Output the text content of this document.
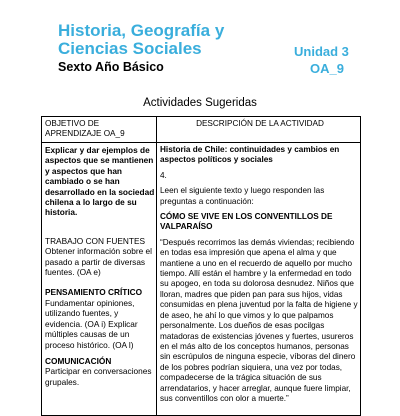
Historia, Geografía y Ciencias Sociales	Unidad 3
Sexto Año Básico	OA_9
Actividades Sugeridas
OBJETIVO DE APRENDIZAJE OA_9
DESCRIPCIÓN DE LA ACTIVIDAD
Explicar y dar ejemplos de aspectos que se mantienen y aspectos que han cambiado o se han desarrollado en la sociedad chilena a lo largo de su historia.
TRABAJO CON FUENTES
Obtener información sobre el pasado a partir de diversas fuentes. (OA e)
PENSAMIENTO CRÍTICO
Fundamentar opiniones, utilizando fuentes, y evidencia. (OA i) Explicar múltiples causas de un proceso histórico. (OA l)
COMUNICACIÓN
Participar en conversaciones grupales.

Historia de Chile: continuidades y cambios en aspectos políticos y sociales

4.

Leen el siguiente texto y luego responden las preguntas a continuación:

CÓMO SE VIVE EN LOS CONVENTILLOS DE VALPARAÍSO

“Después recorrimos las demás viviendas; recibiendo en todas esa impresión que apena el alma y que mantiene a uno en el recuerdo de aquello por mucho tiempo. Allí están el hambre y la enfermedad en todo su apogeo, en toda su dolorosa desnudez. Niños que lloran, madres que piden pan para sus hijos, vidas consumidas en plena juventud por la falta de higiene y de aseo, he ahí lo que vimos y lo que palpamos personalmente. Los dueños de esas pocilgas matadoras de existencias jóvenes y fuertes, usureros en el más alto de los conceptos humanos, personas sin escrúpulos de ninguna especie, víboras del dinero de los pobres podrían siquiera, una vez por todas, compadecerse de la trágica situación de sus arrendatarios, y hacer arreglar, aunque fuere limpiar, sus conventillos con olor a muerte.”
